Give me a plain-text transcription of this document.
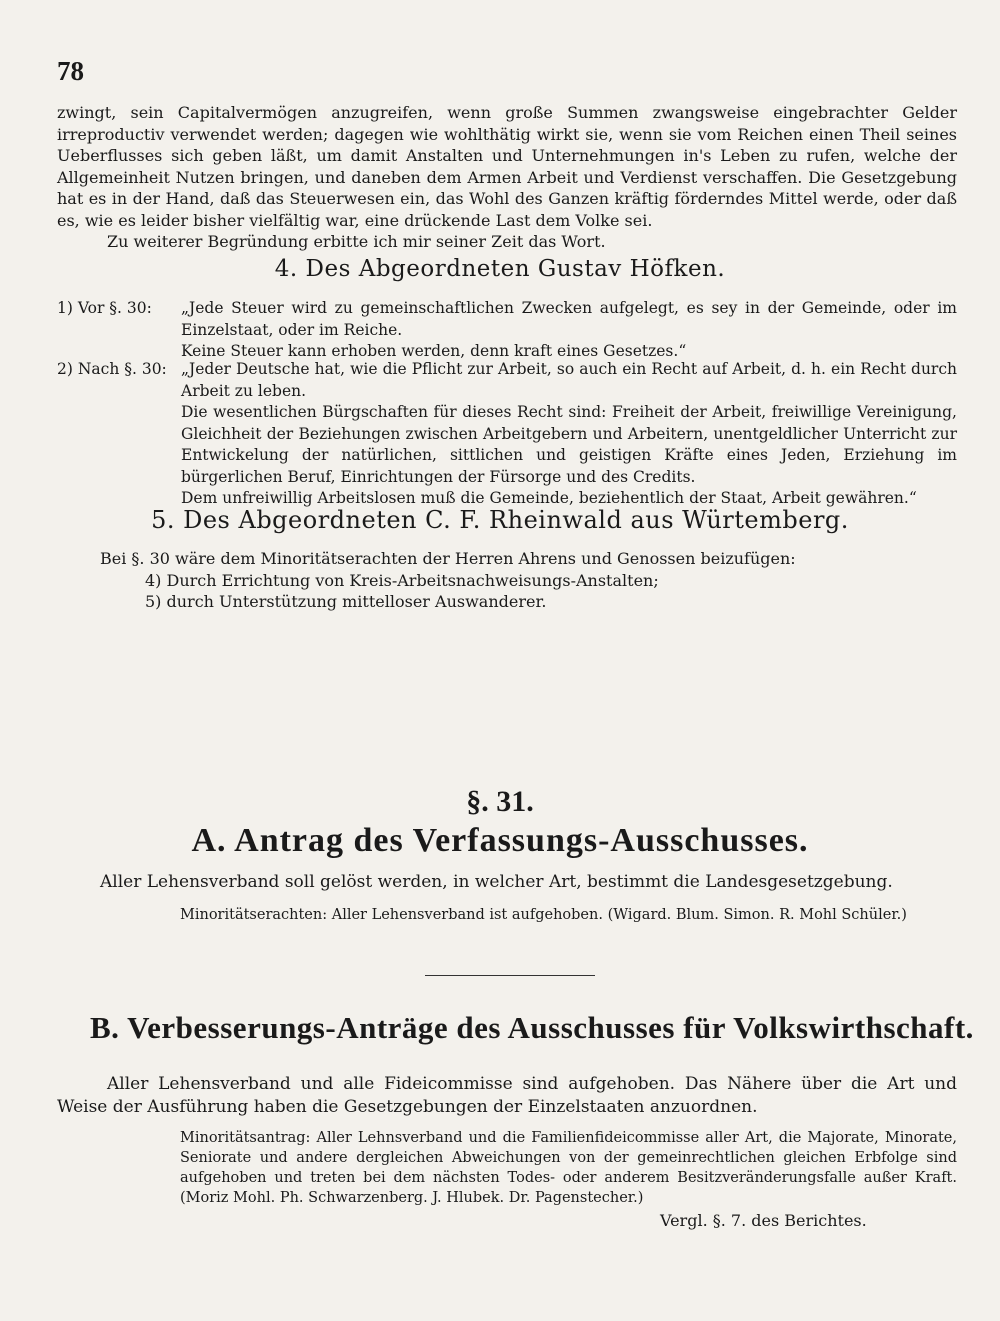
78

zwingt, sein Capitalvermögen anzugreifen, wenn große Summen zwangsweise eingebrachter Gelder irreproductiv verwendet werden; dagegen wie wohlthätig wirkt sie, wenn sie vom Reichen einen Theil seines Ueberflusses sich geben läßt, um damit Anstalten und Unternehmungen in's Leben zu rufen, welche der Allgemeinheit Nutzen bringen, und daneben dem Armen Arbeit und Verdienst verschaffen. Die Gesetzgebung hat es in der Hand, daß das Steuerwesen ein, das Wohl des Ganzen kräftig förderndes Mittel werde, oder daß es, wie es leider bisher vielfältig war, eine drückende Last dem Volke sei.

Zu weiterer Begründung erbitte ich mir seiner Zeit das Wort.

4. Des Abgeordneten Gustav Höfken.
1) Vor §. 30:	„Jede Steuer wird zu gemeinschaftlichen Zwecken aufgelegt, es sey in der Gemeinde, oder im Einzelstaat, oder im Reiche.

Keine Steuer kann erhoben werden, denn kraft eines Gesetzes.“

2) Nach §. 30: „Jeder Deutsche hat, wie die Pflicht zur Arbeit, so auch ein Recht auf Arbeit, d. h. ein Recht durch Arbeit zu leben.

Die wesentlichen Bürgschaften für dieses Recht sind: Freiheit der Arbeit, freiwillige Vereinigung, Gleichheit der Beziehungen zwischen Arbeitgebern und Arbeitern, unentgeldlicher Unterricht zur Entwickelung der natürlichen, sittlichen und geistigen Kräfte eines Jeden, Erziehung im bürgerlichen Beruf, Einrichtungen der Fürsorge und des Credits.

Dem unfreiwillig Arbeitslosen muß die Gemeinde, beziehentlich der Staat, Arbeit gewähren.“

5. Des Abgeordneten C. F. Rheinwald aus Würtemberg.

Bei §. 30 wäre dem Minoritätserachten der Herren Ahrens und Genossen beizufügen:

4) Durch Errichtung von Kreis-Arbeitsnachweisungs-Anstalten;

5) durch Unterstützung mittelloser Auswanderer.

§. 31.
A. Antrag des Verfassungs-Ausschusses.

Aller Lehensverband soll gelöst werden, in welcher Art, bestimmt die Landesgesetzgebung.

Minoritätserachten: Aller Lehensverband ist aufgehoben. (Wigard. Blum. Simon. R. Mohl Schüler.)

B. Verbesserungs-Anträge des Ausschusses für Volkswirthschaft.

Aller Lehensverband und alle Fideicommisse sind aufgehoben. Das Nähere über die Art und Weise der Ausführung haben die Gesetzgebungen der Einzelstaaten anzuordnen.

Minoritätsantrag: Aller Lehnsverband und die Familienfideicommisse aller Art, die Majorate, Minorate, Seniorate und andere dergleichen Abweichungen von der gemeinrechtlichen gleichen Erbfolge sind aufgehoben und treten bei dem nächsten Todes- oder anderem Besitzveränderungsfalle außer Kraft. (Moriz Mohl. Ph. Schwarzenberg. J. Hlubek. Dr. Pagenstecher.)

Vergl. §. 7. des Berichtes.
